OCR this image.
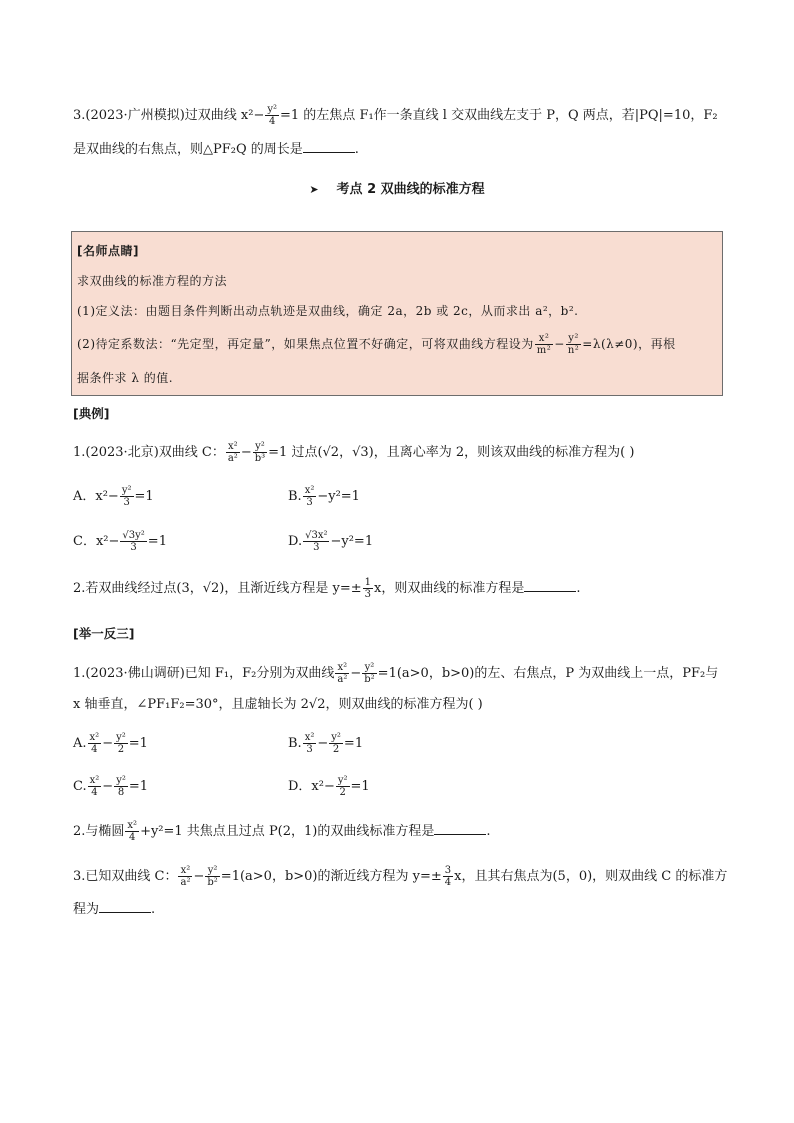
3.(2023·广州模拟)过双曲线 $x^2- \frac{\text{y²}}{4} =1$ 的左焦点 F₁作一条直线 l 交双曲线左支于 P，Q 两点，若|PQ|=10，F₂
是双曲线的右焦点，则△PF₂Q 的周长是	.
➤ 考点 2 双曲线的标准方程
[名师点睛]
求双曲线的标准方程的方法
(1)定义法：由题目条件判断出动点轨迹是双曲线，确定 2a，2b 或 2c，从而求出 a²，b².
(2)待定系数法：“先定型，再定量”，如果焦点位置不好确定，可将双曲线方程设为 $\frac{\text{x²}}{\text{m²}} - \frac{\text{y²}}{\text{n²}} =\lambda(\lambda\ne 0)$，再根
据条件求 λ 的值.
[典例]
1.(2023·北京)双曲线 C： $\frac{\text{x²}}{\text{a²}} - \frac{\text{y²}}{\text{b³}} =1$ 过点(√2，√3)，且离心率为 2，则该双曲线的标准方程为( )
A．$x^2- \frac{\text{y²}}{3} =1$	B. $\frac{\text{x²}}{3} -y^2=1$
C．$x^2- \frac{\text{√3y²}}{3} =1$	D. $\frac{\text{√3x²}}{3} -y^2=1$
2.若双曲线经过点(3，√2)，且渐近线方程是 $y=\pm \frac{1}{3}$ x，则双曲线的标准方程是	.
[举一反三]
1.(2023·佛山调研)已知 F₁，F₂分别为双曲线 $\frac{\text{x²}}{\text{a²}} - \frac{\text{y²}}{\text{b²}} =1(a>0$，b>0)的左、右焦点，P 为双曲线上一点，PF₂与
x 轴垂直，∠PF₁F₂=30°，且虚轴长为 2√2，则双曲线的标准方程为( )
A. $\frac{\text{x²}}{4} - \frac{\text{y²}}{2} =1$	B. $\frac{\text{x²}}{3} - \frac{\text{y²}}{2} =1$
C. $\frac{\text{x²}}{4} - \frac{\text{y²}}{8} =1$	D．$x^2- \frac{\text{y²}}{2} =1$
2.与椭圆 $\frac{\text{x²}}{4} +y^2=1$ 共焦点且过点 P(2，1)的双曲线标准方程是	.
3.已知双曲线 C： $\frac{\text{x²}}{\text{a²}} - \frac{\text{y²}}{\text{b²}} =1(a>0$，b>0)的渐近线方程为 $y=\pm \frac{3}{4}$ x，且其右焦点为(5，0)，则双曲线 C 的标准方
程为	.
